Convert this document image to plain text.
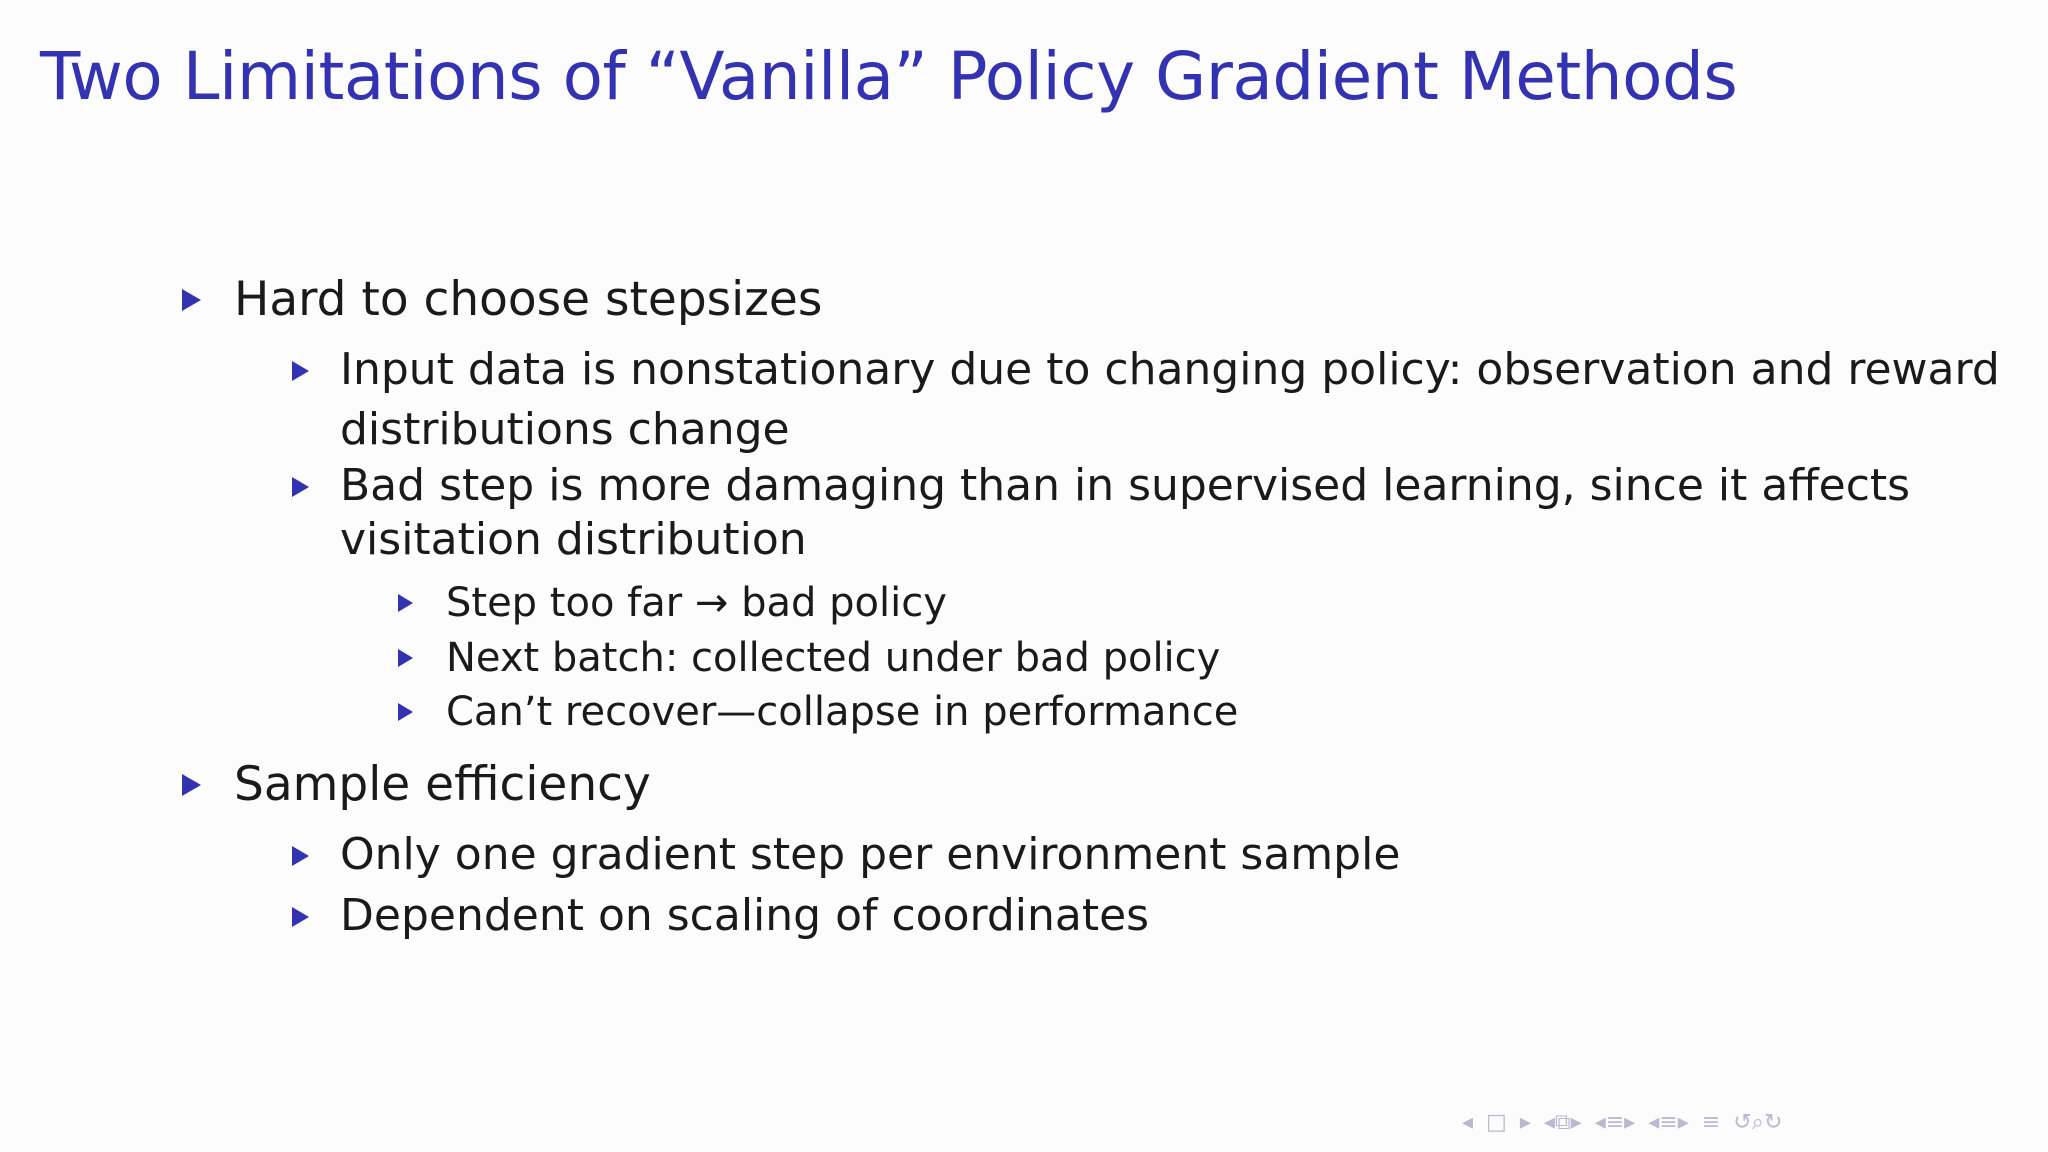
Two Limitations of “Vanilla” Policy Gradient Methods
Hard to choose stepsizes
Input data is nonstationary due to changing policy: observation and reward
distributions change
Bad step is more damaging than in supervised learning, since it affects
visitation distribution
Step too far → bad policy
Next batch: collected under bad policy
Can’t recover—collapse in performance
Sample efficiency
Only one gradient step per environment sample
Dependent on scaling of coordinates
◂ □ ▸ ◂⧉▸ ◂≡▸ ◂≡▸ ≡ ↺⌕↻
